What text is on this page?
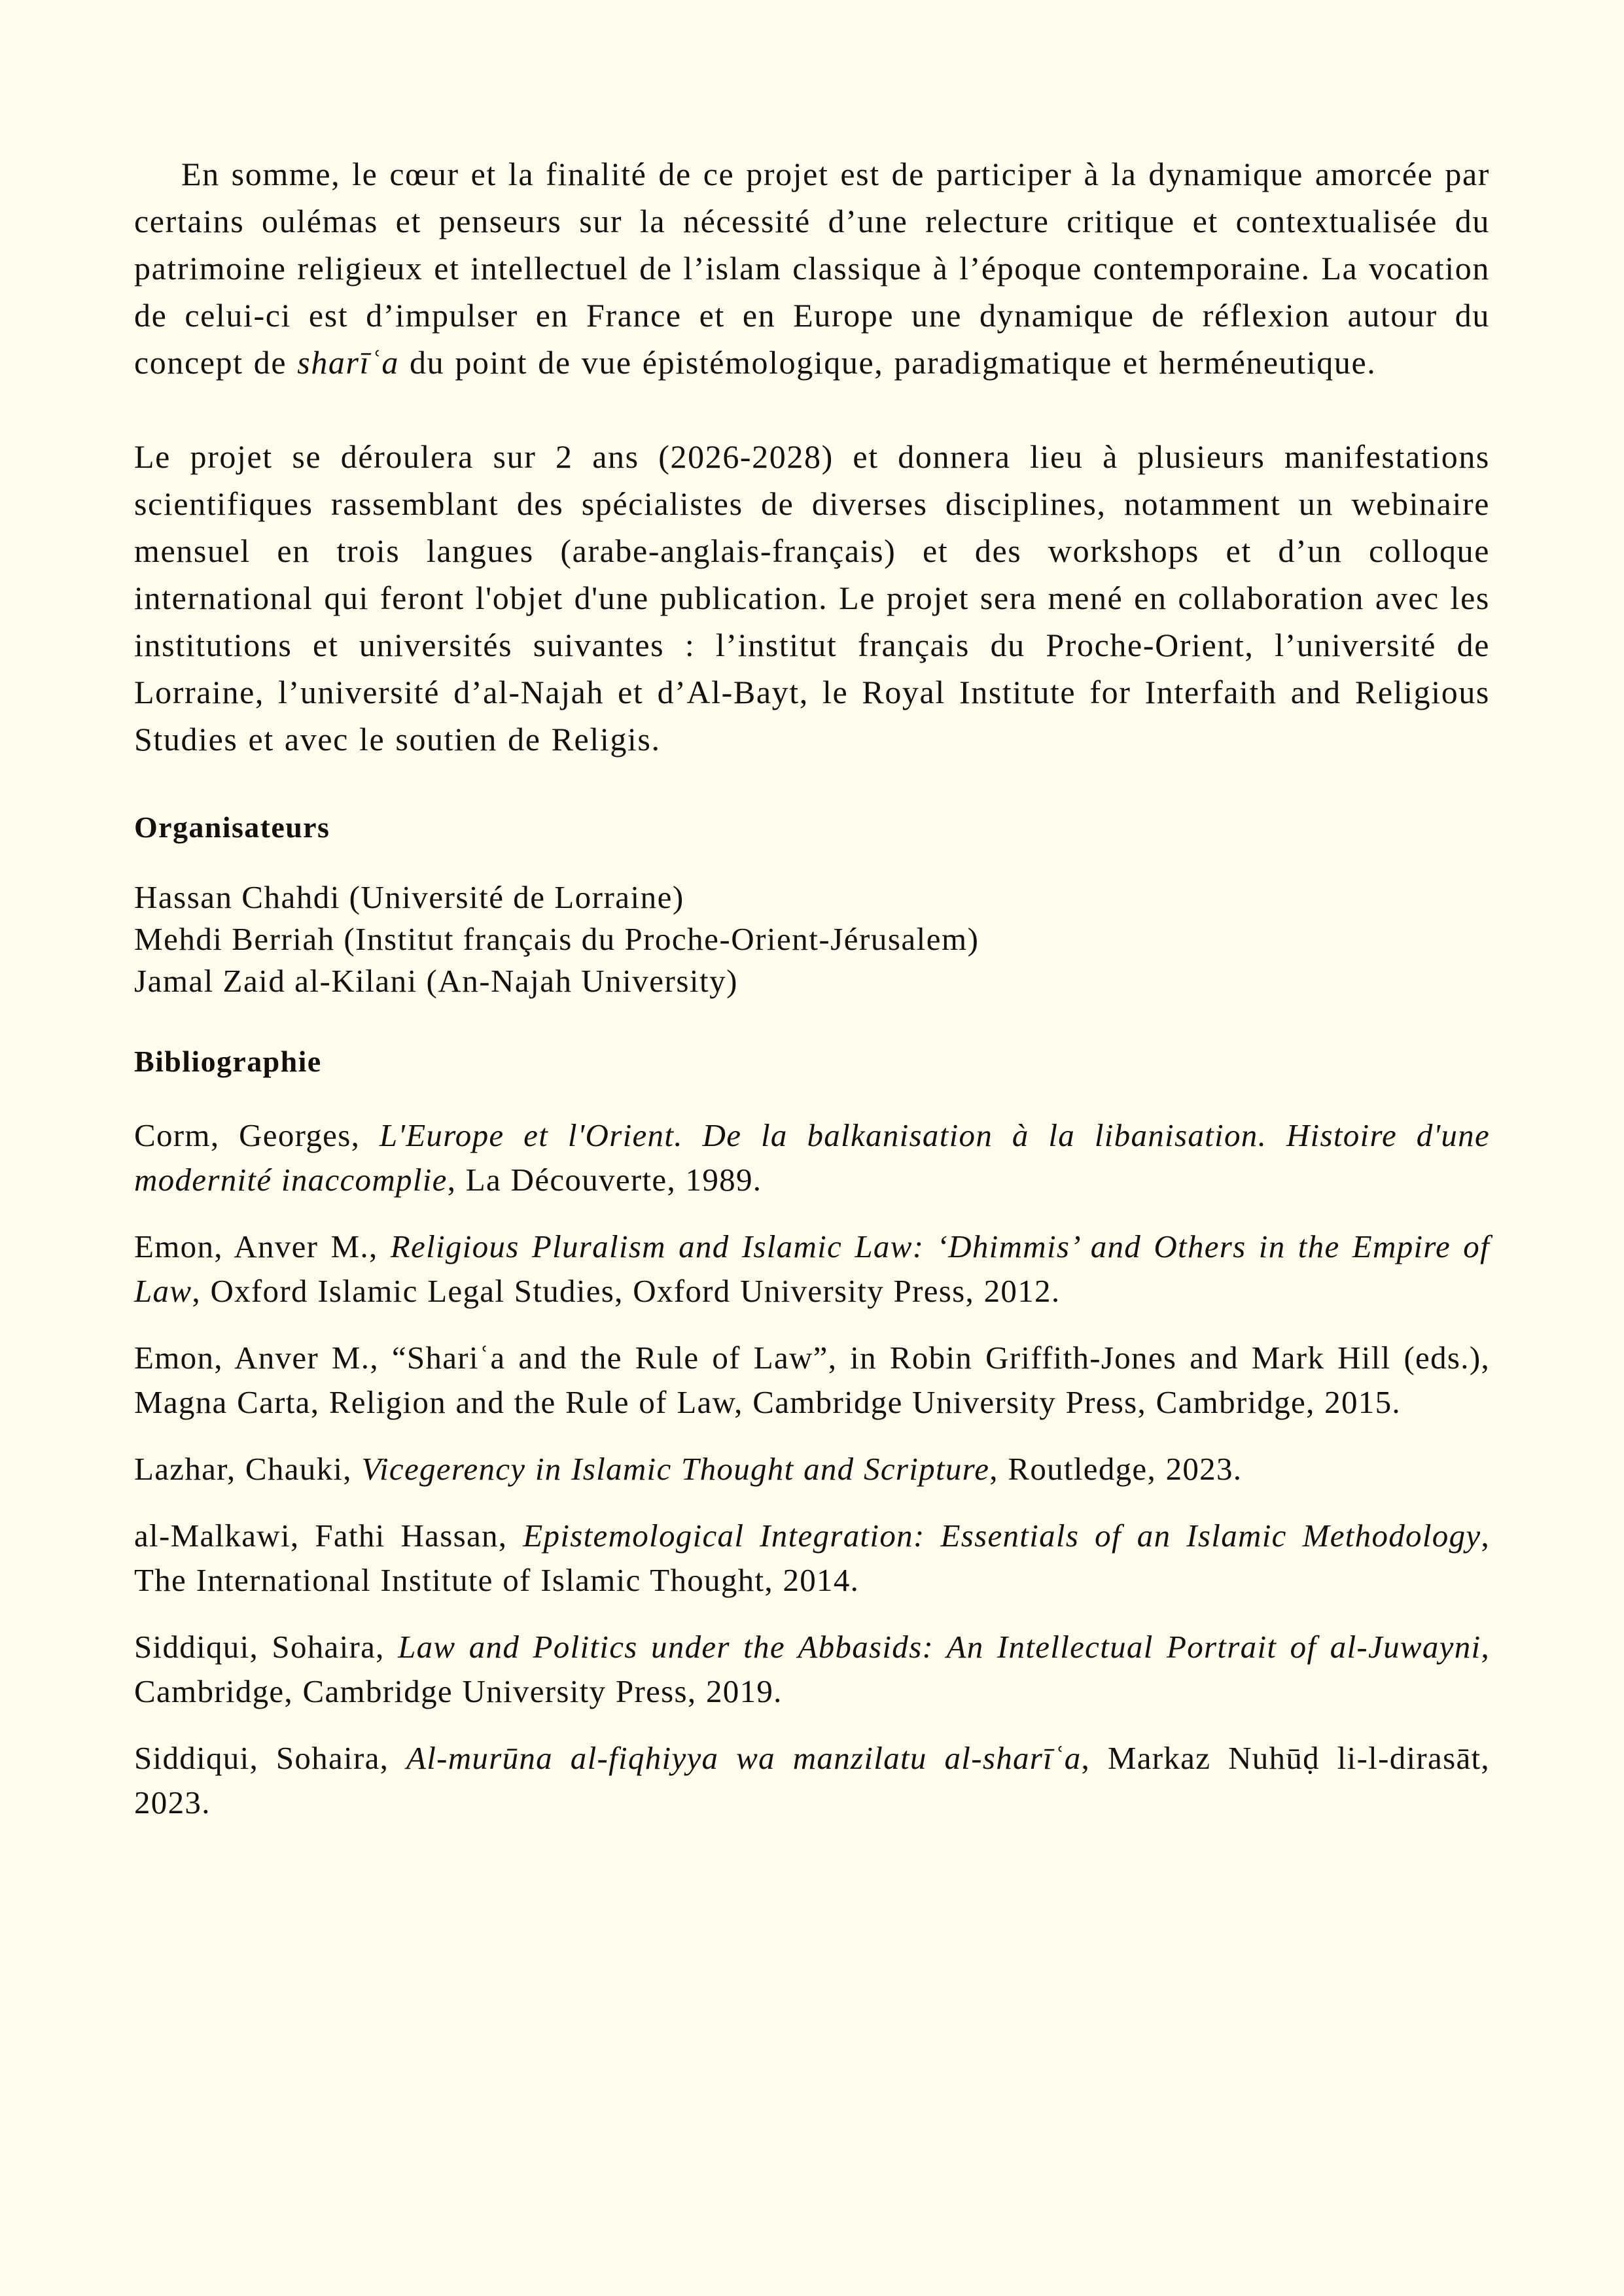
En somme, le cœur et la finalité de ce projet est de participer à la dynamique amorcée par certains oulémas et penseurs sur la nécessité d’une relecture critique et contextualisée du patrimoine religieux et intellectuel de l’islam classique à l’époque contemporaine. La vocation de celui-ci est d’impulser en France et en Europe une dynamique de réflexion autour du concept de sharīʿa du point de vue épistémologique, paradigmatique et herméneutique.

Le projet se déroulera sur 2 ans (2026-2028) et donnera lieu à plusieurs manifestations scientifiques rassemblant des spécialistes de diverses disciplines, notamment un webinaire mensuel en trois langues (arabe-anglais-français) et des workshops et d’un colloque international qui feront l'objet d'une publication. Le projet sera mené en collaboration avec les institutions et universités suivantes : l’institut français du Proche-Orient, l’université de Lorraine, l’université d’al-Najah et d’Al-Bayt, le Royal Institute for Interfaith and Religious Studies et avec le soutien de Religis.

Organisateurs
Hassan Chahdi (Université de Lorraine)
Mehdi Berriah (Institut français du Proche-Orient-Jérusalem)
Jamal Zaid al-Kilani (An-Najah University)
Bibliographie

Corm, Georges, L'Europe et l'Orient. De la balkanisation à la libanisation. Histoire d'une modernité inaccomplie, La Découverte, 1989.

Emon, Anver M., Religious Pluralism and Islamic Law: ‘Dhimmis’ and Others in the Empire of Law, Oxford Islamic Legal Studies, Oxford University Press, 2012.

Emon, Anver M., “Shariʿa and the Rule of Law”, in Robin Griffith-Jones and Mark Hill (eds.), Magna Carta, Religion and the Rule of Law, Cambridge University Press, Cambridge, 2015.

Lazhar, Chauki, Vicegerency in Islamic Thought and Scripture, Routledge, 2023.

al-Malkawi, Fathi Hassan, Epistemological Integration: Essentials of an Islamic Methodology, The International Institute of Islamic Thought, 2014.

Siddiqui, Sohaira, Law and Politics under the Abbasids: An Intellectual Portrait of al-Juwayni, Cambridge, Cambridge University Press, 2019.

Siddiqui, Sohaira, Al-murūna al-fiqhiyya wa manzilatu al-sharīʿa, Markaz Nuhūḍ li-l-dirasāt, 2023.
